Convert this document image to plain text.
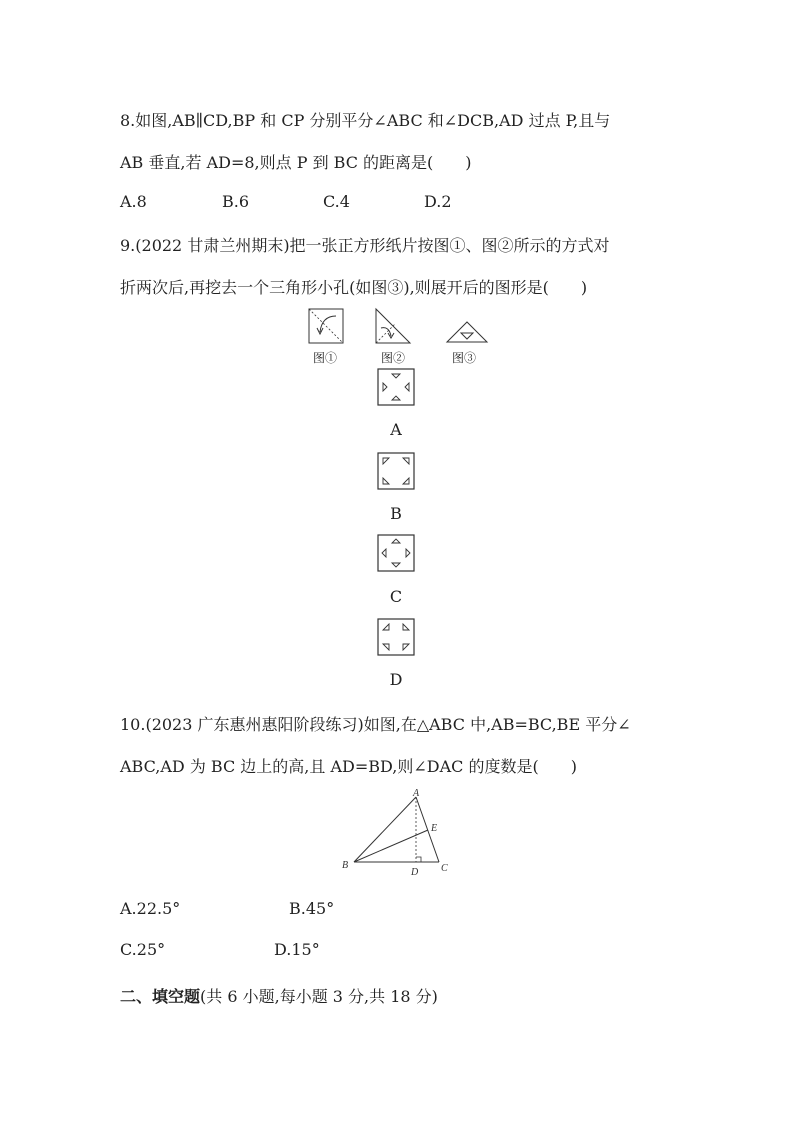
8.如图,AB∥CD,BP 和 CP 分别平分∠ABC 和∠DCB,AD 过点 P,且与
AB 垂直,若 AD=8,则点 P 到 BC 的距离是(　　)
A.8	B.6	C.4	D.2
9.(2022 甘肃兰州期末)把一张正方形纸片按图①、图②所示的方式对
折两次后,再挖去一个三角形小孔(如图③),则展开后的图形是(　　)
图①	图②	图③
A
B
C
D
10.(2023 广东惠州惠阳阶段练习)如图,在△ABC 中,AB=BC,BE 平分∠
ABC,AD 为 BC 边上的高,且 AD=BD,则∠DAC 的度数是(　　)
A
E
B
D C
A.22.5°	B.45°
C.25°	D.15°
二、填空题(共 6 小题,每小题 3 分,共 18 分)
